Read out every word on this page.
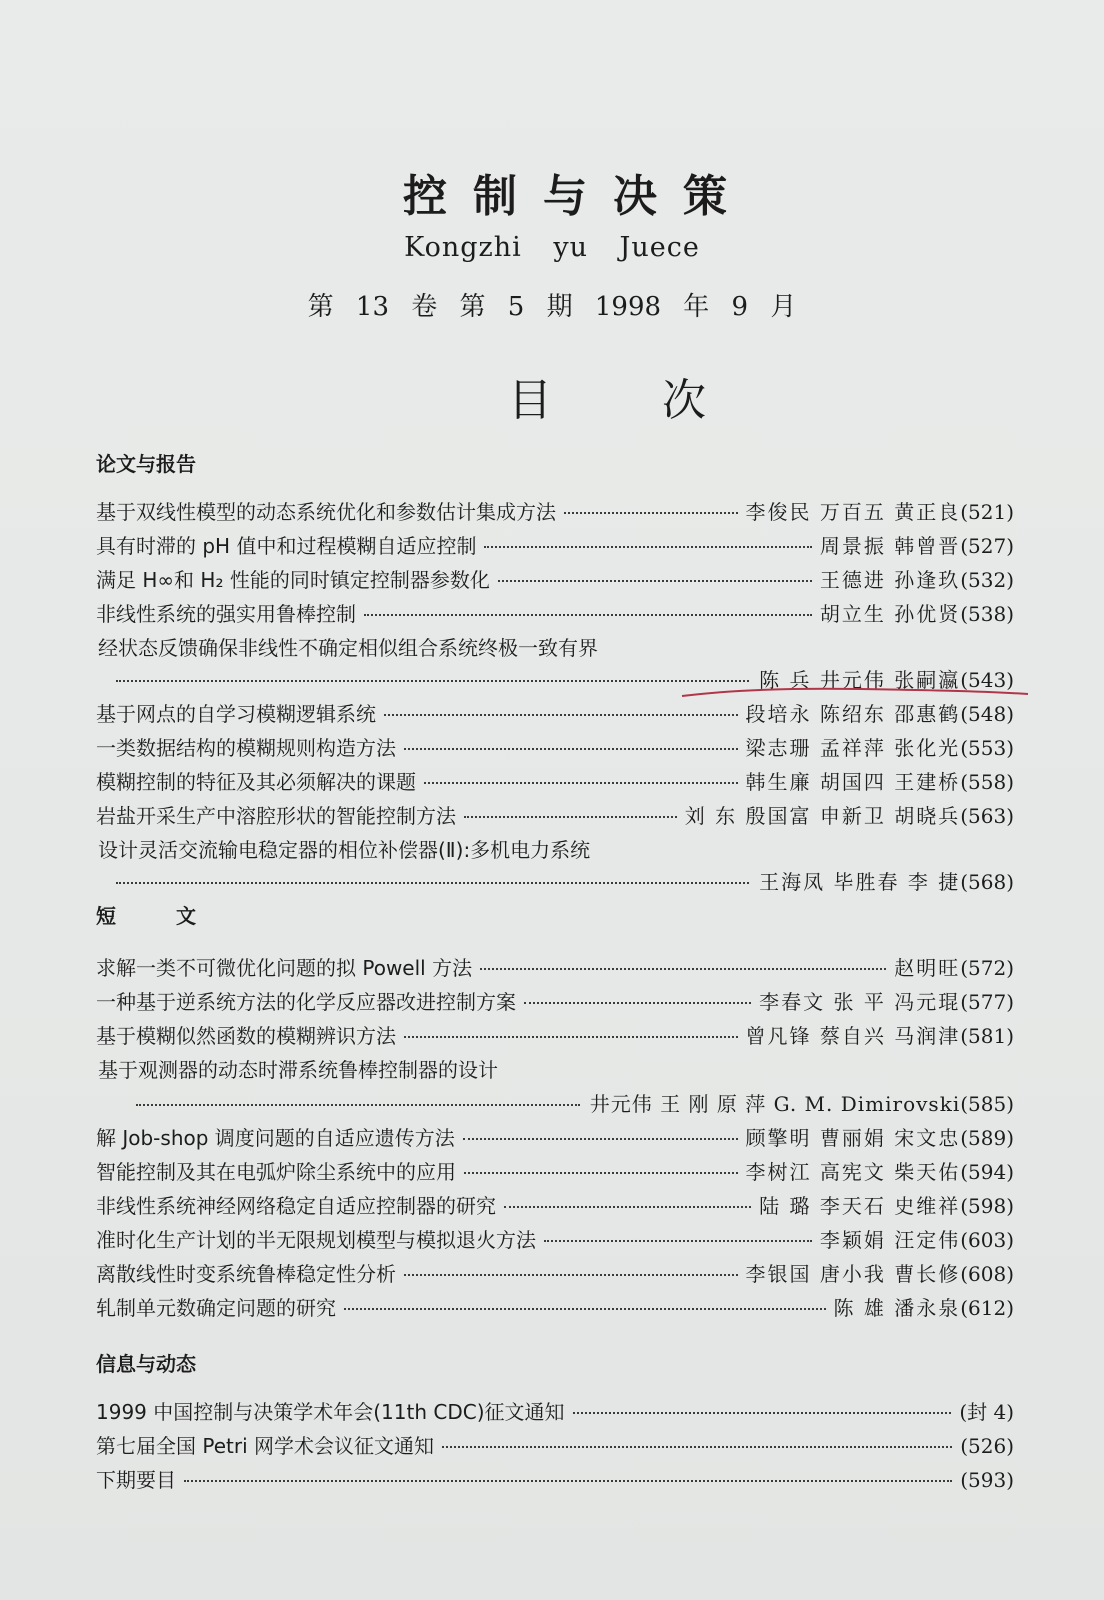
控制与决策
Kongzhi yu Juece
第 13 卷 第 5 期 1998 年 9 月
目次
论文与报告
基于双线性模型的动态系统优化和参数估计集成方法	李俊民 万百五 黄正良 (521)
具有时滞的 pH 值中和过程模糊自适应控制	周景振 韩曾晋 (527)
满足 H∞和 H₂ 性能的同时镇定控制器参数化	王德进 孙逢玖 (532)
非线性系统的强实用鲁棒控制	胡立生 孙优贤 (538)
经状态反馈确保非线性不确定相似组合系统终极一致有界
陈 兵 井元伟 张嗣瀛 (543)
基于网点的自学习模糊逻辑系统	段培永 陈绍东 邵惠鹤 (548)
一类数据结构的模糊规则构造方法	梁志珊 孟祥萍 张化光 (553)
模糊控制的特征及其必须解决的课题	韩生廉 胡国四 王建桥 (558)
岩盐开采生产中溶腔形状的智能控制方法	刘 东 殷国富 申新卫 胡晓兵 (563)
设计灵活交流输电稳定器的相位补偿器(Ⅱ):多机电力系统
王海凤 毕胜春 李 捷 (568)
短文
求解一类不可微优化问题的拟 Powell 方法	赵明旺 (572)
一种基于逆系统方法的化学反应器改进控制方案	李春文 张 平 冯元琨 (577)
基于模糊似然函数的模糊辨识方法	曾凡锋 蔡自兴 马润津 (581)
基于观测器的动态时滞系统鲁棒控制器的设计
井元伟 王 刚 原 萍 G. M. Dimirovski (585)
解 Job-shop 调度问题的自适应遗传方法	顾擎明 曹丽娟 宋文忠 (589)
智能控制及其在电弧炉除尘系统中的应用	李树江 高宪文 柴天佑 (594)
非线性系统神经网络稳定自适应控制器的研究	陆 璐 李天石 史维祥 (598)
准时化生产计划的半无限规划模型与模拟退火方法	李颖娟 汪定伟 (603)
离散线性时变系统鲁棒稳定性分析	李银国 唐小我 曹长修 (608)
轧制单元数确定问题的研究	陈 雄 潘永泉 (612)
信息与动态
1999 中国控制与决策学术年会(11th CDC)征文通知	(封 4)
第七届全国 Petri 网学术会议征文通知	(526)
下期要目	(593)
